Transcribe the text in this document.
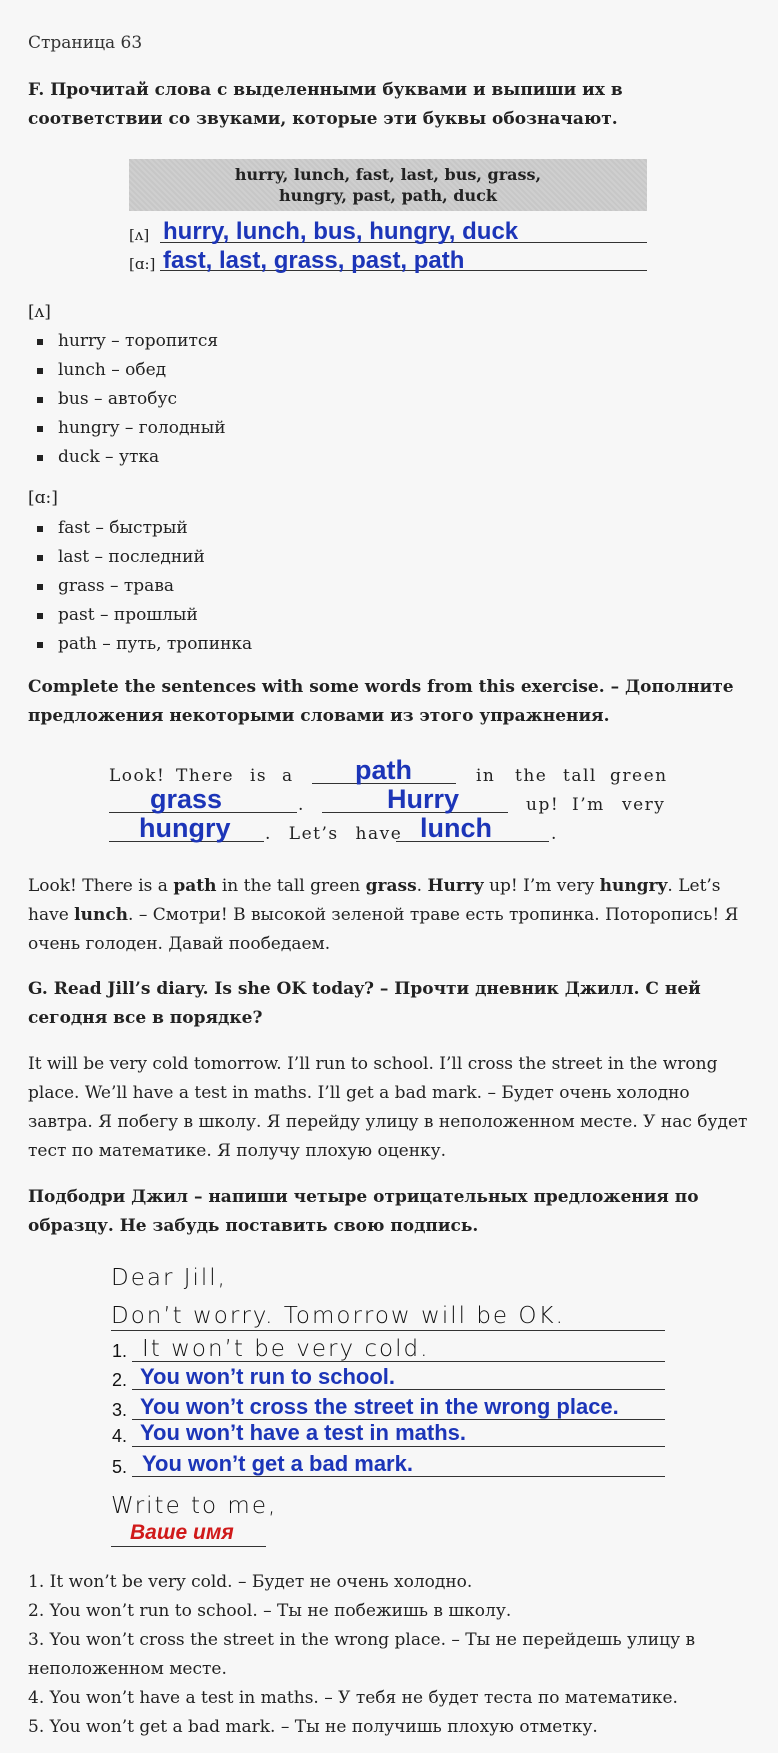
Страница 63
F. Прочитай слова с выделенными буквами и выпиши их в соответствии со звуками, которые эти буквы обозначают.
hurry, lunch, fast, last, bus, grass,
hungry, past, path, duck
[ʌ] hurry, lunch, bus, hungry, duck
[ɑ:] fast, last, grass, past, path
[ʌ]
hurry – торопится
lunch – обед
bus – автобус
hungry – голодный
duck – утка
[ɑ:]
fast – быстрый
last – последний
grass – трава
past – прошлый
path – путь, тропинка
Complete the sentences with some words from this exercise. – Дополните предложения некоторыми словами из этого упражнения.
Look! There is a path	in the tall green
grass	.	Hurry	up! I’m very
hungry . Let’s have lunch	.
Look! There is a path in the tall green grass. Hurry up! I’m very hungry. Let’s have lunch. – Смотри! В высокой зеленой траве есть тропинка. Поторопись! Я очень голоден. Давай пообедаем.
G. Read Jill’s diary. Is she OK today? – Прочти дневник Джилл. С ней сегодня все в порядке?
It will be very cold tomorrow. I’ll run to school. I’ll cross the street in the wrong place. We’ll have a test in maths. I’ll get a bad mark. – Будет очень холодно завтра. Я побегу в школу. Я перейду улицу в неположенном месте. У нас будет тест по математике. Я получу плохую оценку.
Подбодри Джил – напиши четыре отрицательных предложения по образцу. Не забудь поставить свою подпись.
Dear Jill,
Don’t worry. Tomorrow will be OK.
1. It won’t be very cold.
2. You won’t run to school.
3. You won’t cross the street in the wrong place.
4. You won’t have a test in maths.
5. You won’t get a bad mark.
Write to me,
Ваше имя
1. It won’t be very cold. – Будет не очень холодно.
2. You won’t run to school. – Ты не побежишь в школу.
3. You won’t cross the street in the wrong place. – Ты не перейдешь улицу в неположенном месте.
4. You won’t have a test in maths. – У тебя не будет теста по математике.
5. You won’t get a bad mark. – Ты не получишь плохую отметку.
